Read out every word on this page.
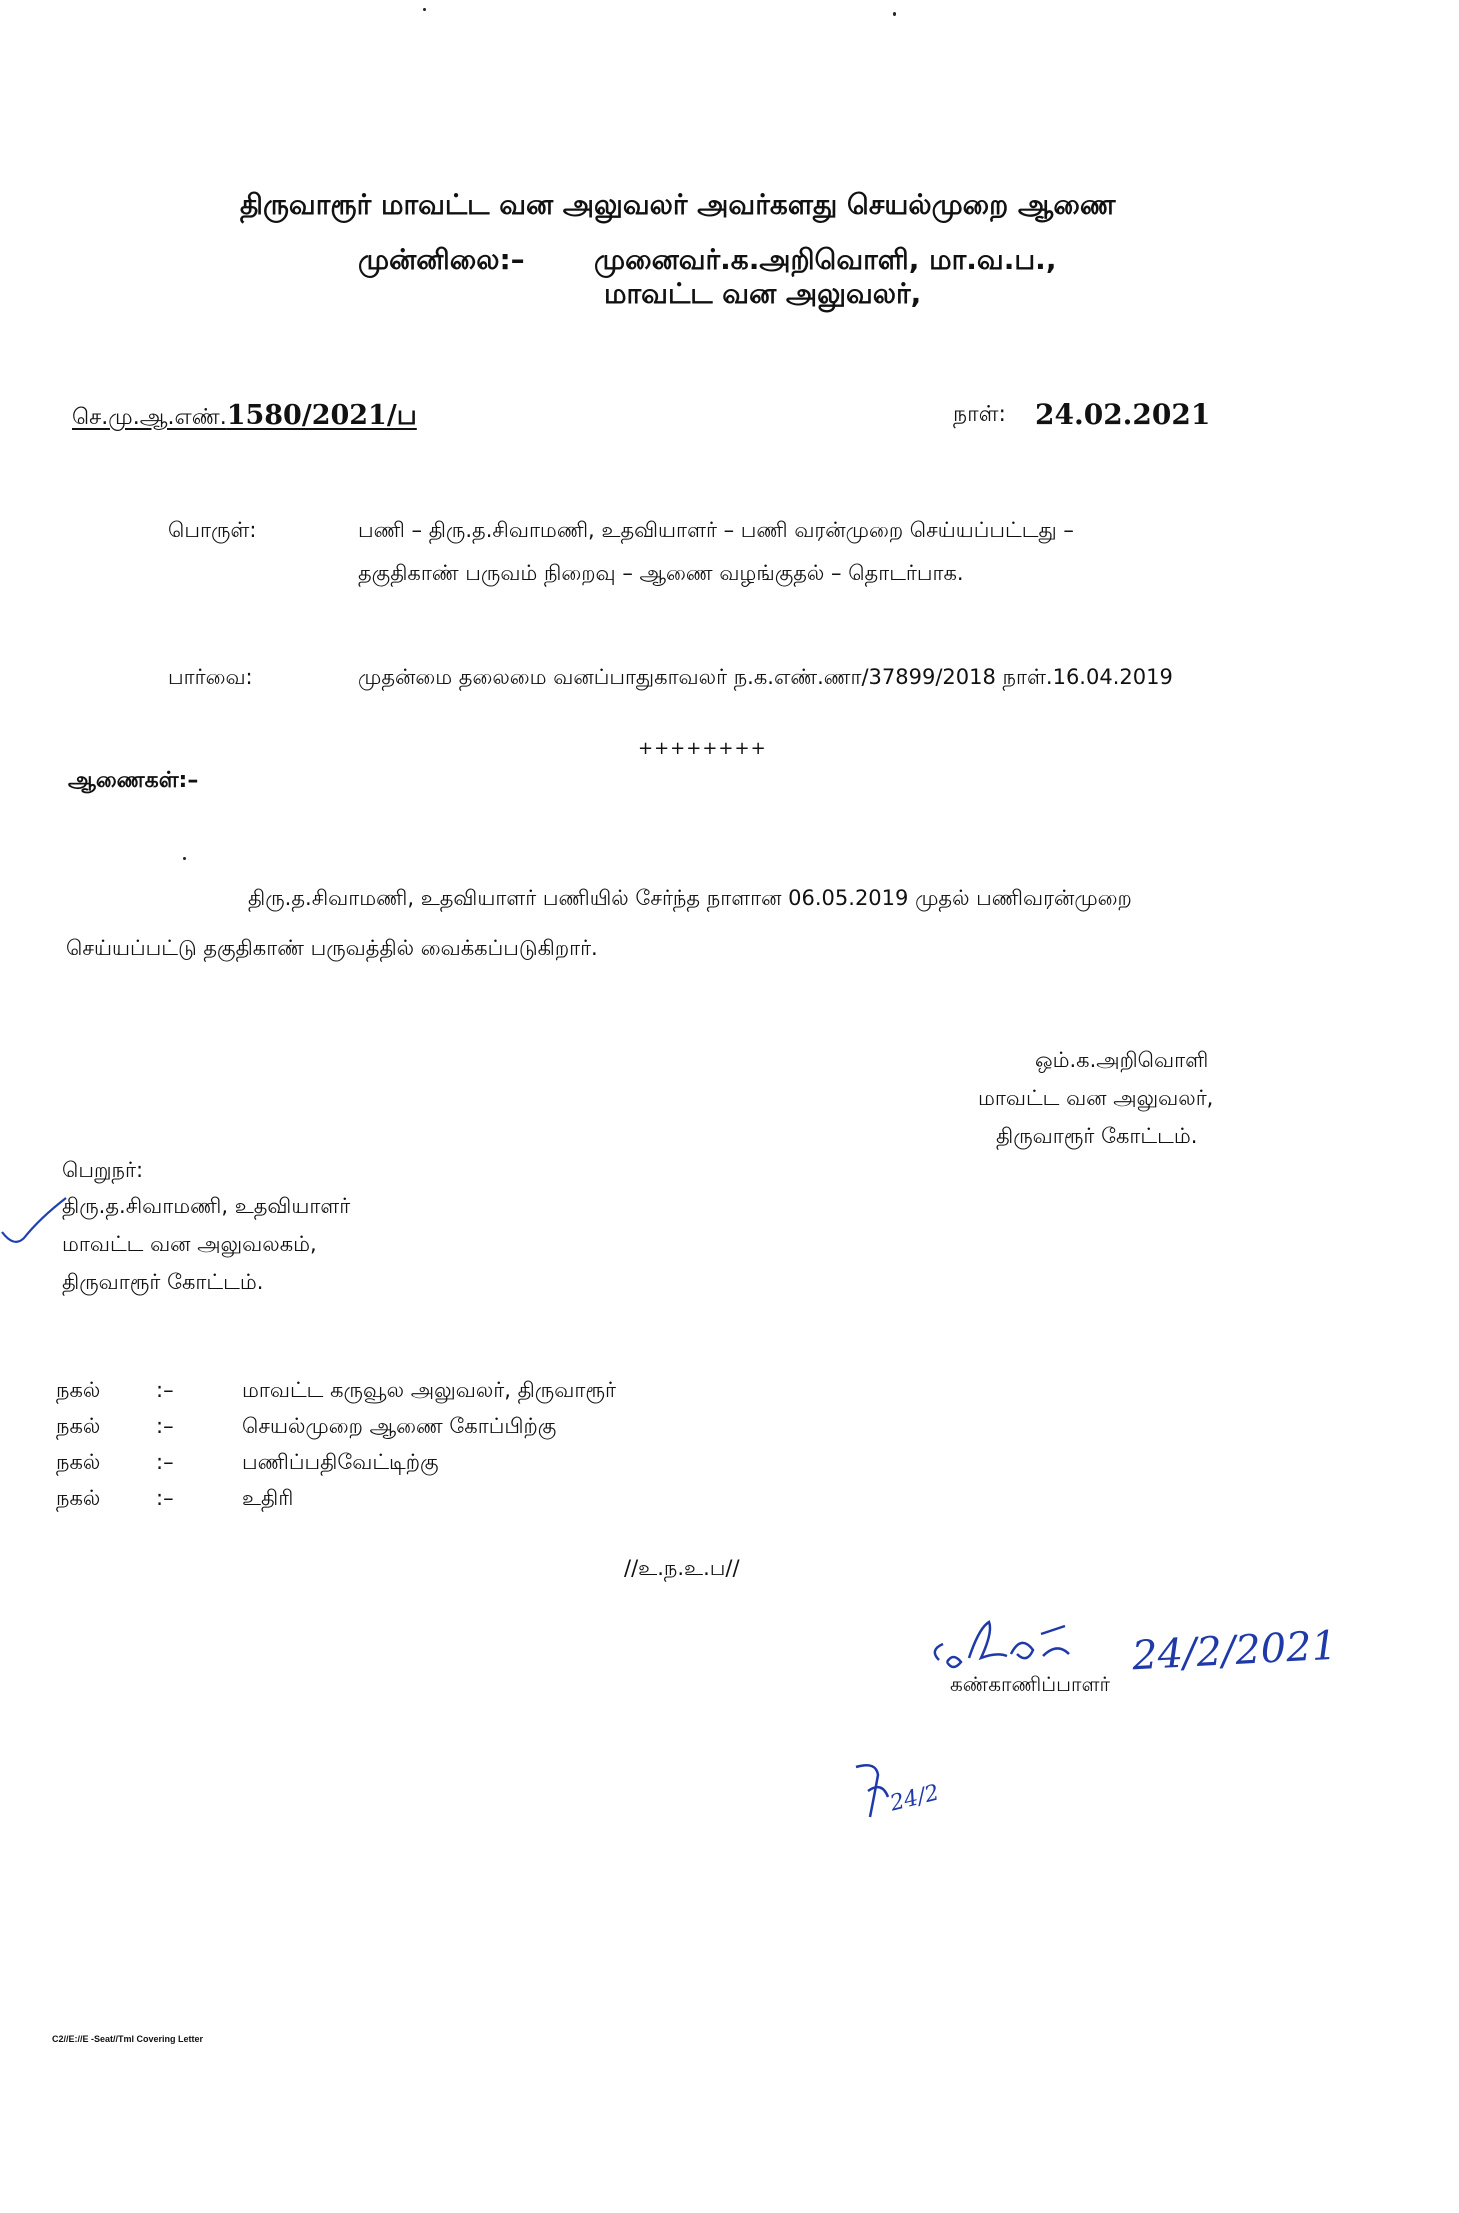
திருவாரூர் மாவட்ட வன அலுவலர் அவர்களது செயல்முறை ஆணை
முன்னிலை:– முனைவர்.க.அறிவொளி, மா.வ.ப.,
மாவட்ட வன அலுவலர்,
செ.மு.ஆ.எண்.1580/2021/ப	நாள்: 24.02.2021
பொருள்:	பணி – திரு.த.சிவாமணி, உதவியாளர் – பணி வரன்முறை செய்யப்பட்டது –
தகுதிகாண் பருவம் நிறைவு – ஆணை வழங்குதல் – தொடர்பாக.
பார்வை:	முதன்மை தலைமை வனப்பாதுகாவலர் ந.க.எண்.ணா/37899/2018 நாள்.16.04.2019
++++++++
ஆணைகள்:–
திரு.த.சிவாமணி, உதவியாளர் பணியில் சேர்ந்த நாளான 06.05.2019 முதல் பணிவரன்முறை
செய்யப்பட்டு தகுதிகாண் பருவத்தில் வைக்கப்படுகிறார்.
ஒம்.க.அறிவொளி
மாவட்ட வன அலுவலர்,
திருவாரூர் கோட்டம்.
பெறுநர்:
திரு.த.சிவாமணி, உதவியாளர்
மாவட்ட வன அலுவலகம்,
திருவாரூர் கோட்டம்.
நகல்	:–	மாவட்ட கருவூல அலுவலர், திருவாரூர்
நகல்	:–	செயல்முறை ஆணை கோப்பிற்கு
நகல்	:–	பணிப்பதிவேட்டிற்கு
நகல்	:–	உதிரி
//உ.ந.உ.ப//
24/2/2021
கண்காணிப்பாளர்
24/2
C2//E://E -Seat//Tml Covering Letter
